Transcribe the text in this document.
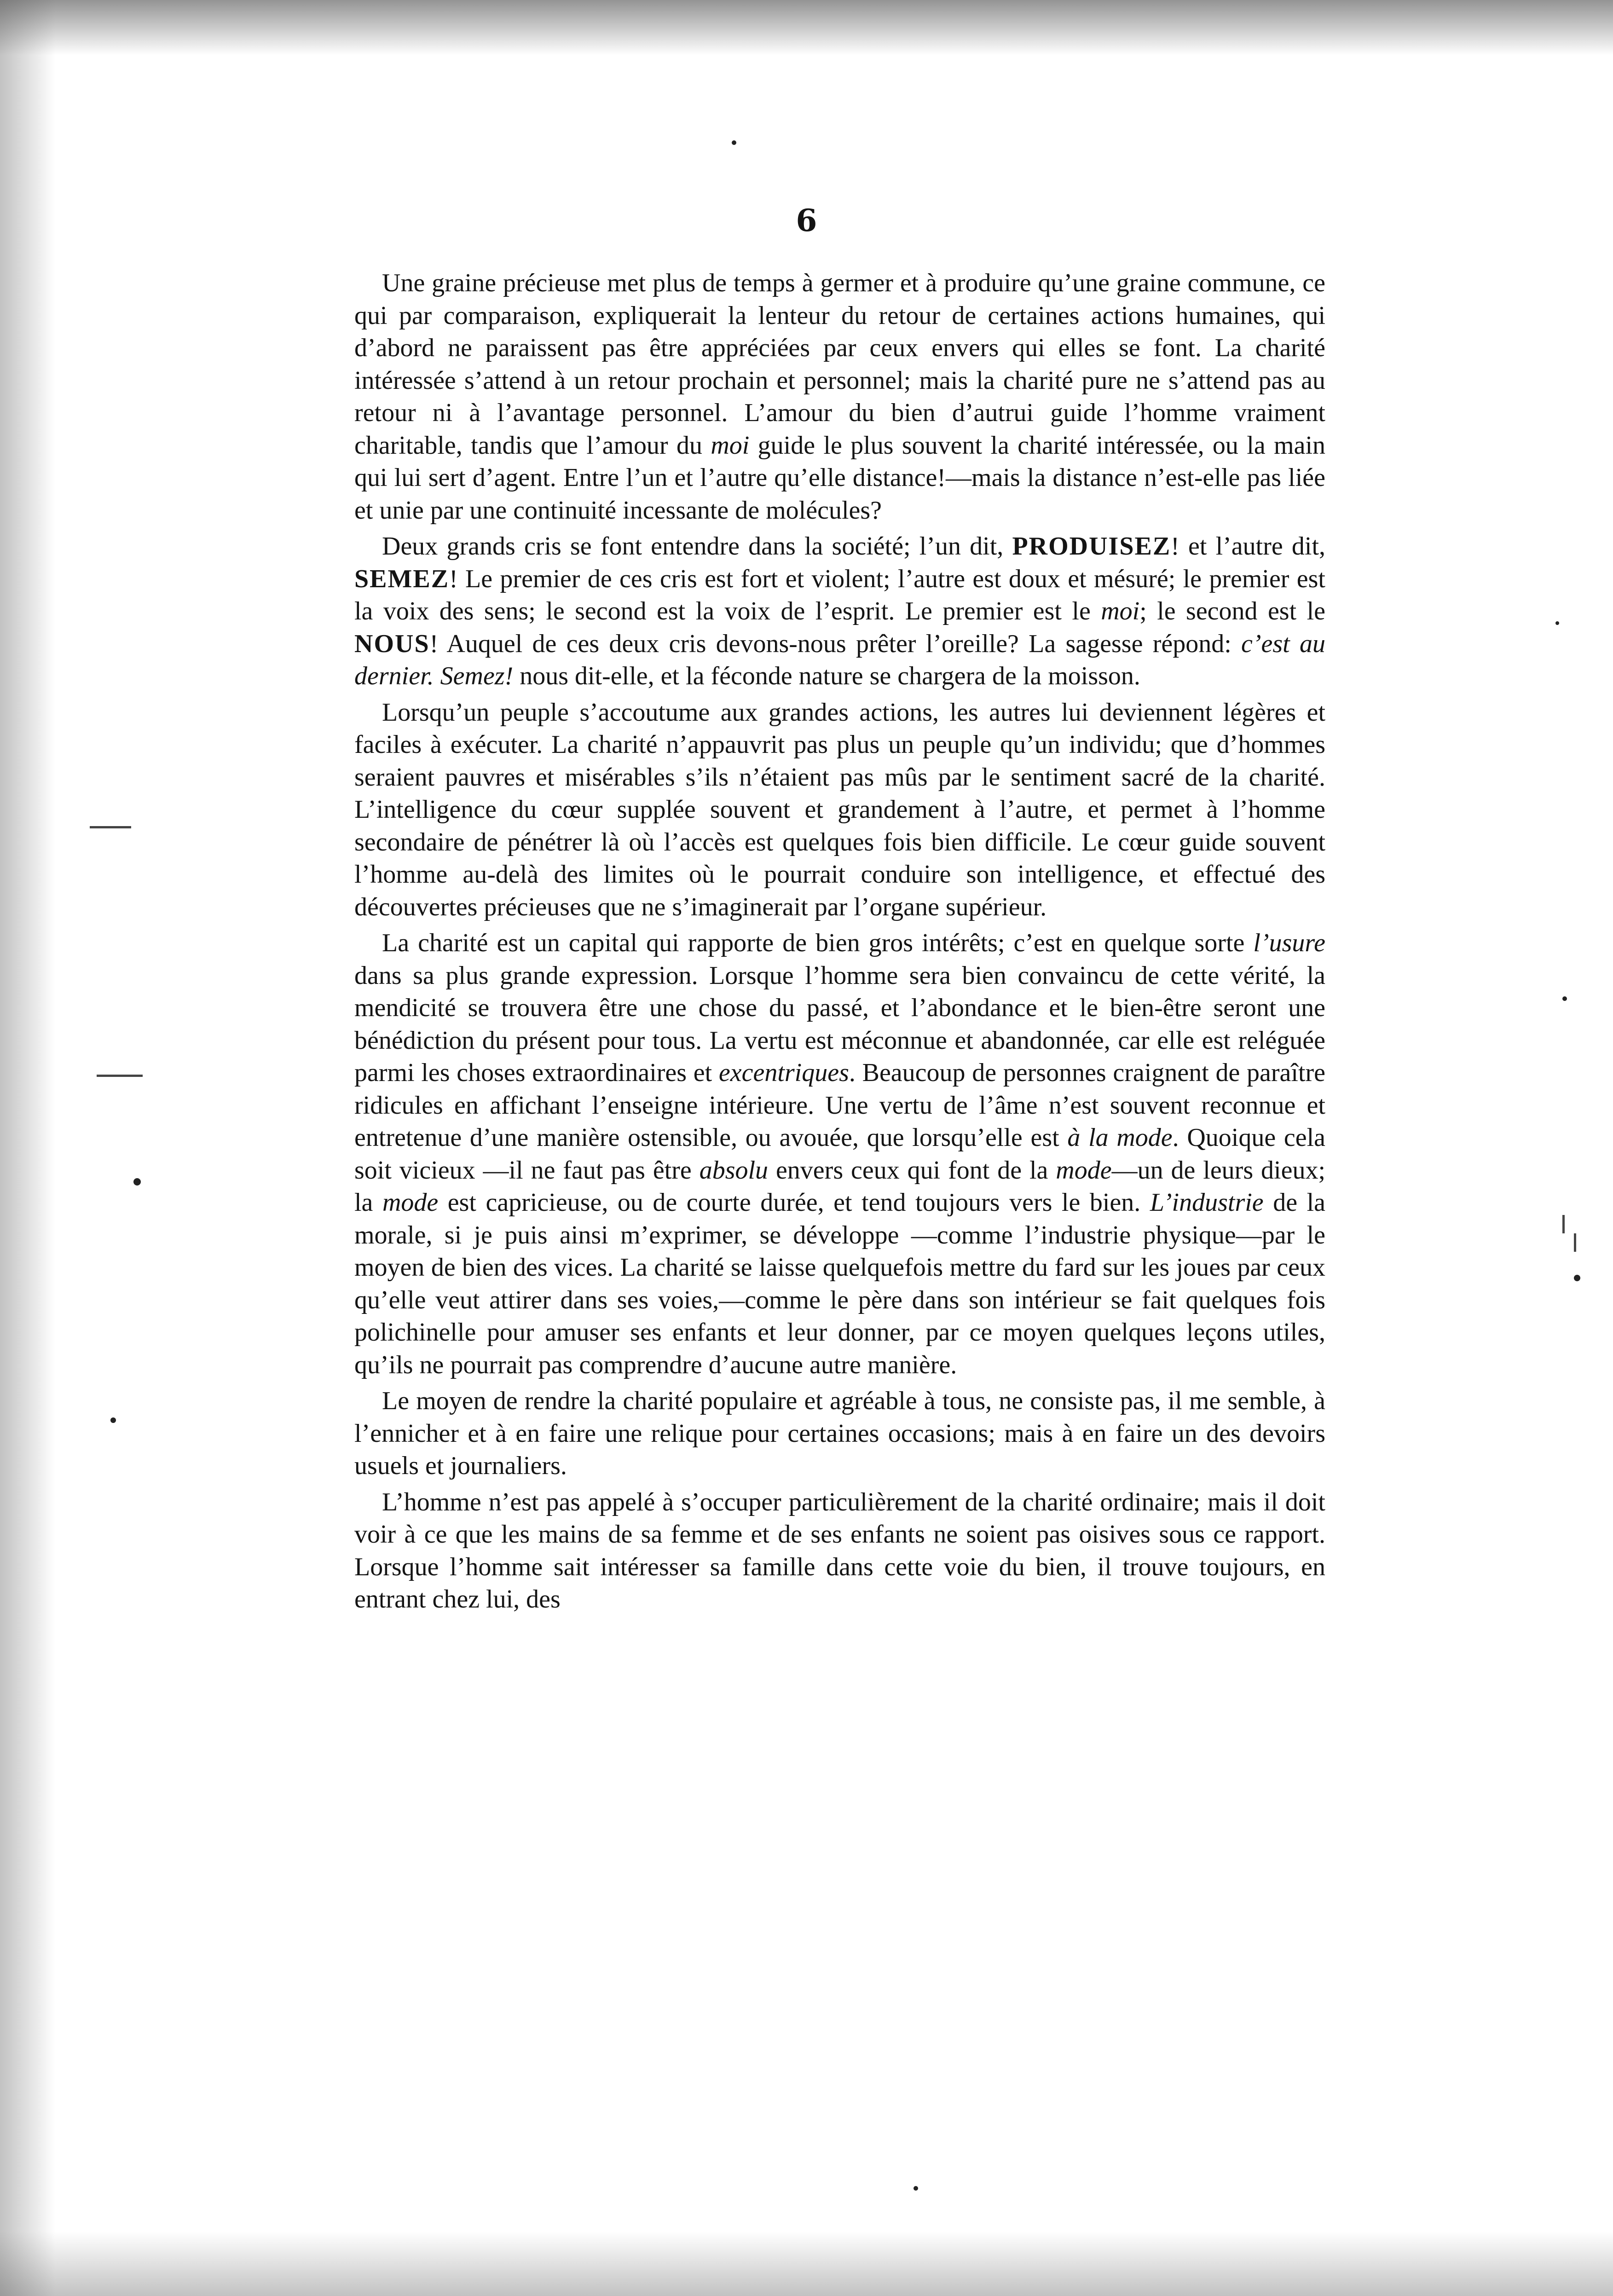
6

Une graine précieuse met plus de temps à germer et à produire qu’une graine commune, ce qui par comparaison, expliquerait la lenteur du retour de certaines actions humaines, qui d’abord ne paraissent pas être appréciées par ceux envers qui elles se font. La charité intéressée s’attend à un retour prochain et personnel; mais la charité pure ne s’attend pas au retour ni à l’avantage personnel. L’amour du bien d’autrui guide l’homme vraiment charitable, tandis que l’amour du moi guide le plus souvent la charité intéressée, ou la main qui lui sert d’agent. Entre l’un et l’autre qu’elle distance!—mais la distance n’est-elle pas liée et unie par une continuité incessante de molécules?

Deux grands cris se font entendre dans la société; l’un dit, PRODUISEZ! et l’autre dit, SEMEZ! Le premier de ces cris est fort et violent; l’autre est doux et mésuré; le premier est la voix des sens; le second est la voix de l’esprit. Le premier est le moi; le second est le NOUS! Auquel de ces deux cris devons-nous prêter l’oreille? La sagesse répond: c’est au dernier. Semez! nous dit-elle, et la féconde nature se chargera de la moisson.

Lorsqu’un peuple s’accoutume aux grandes actions, les autres lui deviennent légères et faciles à exécuter. La charité n’appauvrit pas plus un peuple qu’un individu; que d’hommes seraient pauvres et misérables s’ils n’étaient pas mûs par le sentiment sacré de la charité. L’intelligence du cœur supplée souvent et grandement à l’autre, et permet à l’homme secondaire de pénétrer là où l’accès est quelques fois bien difficile. Le cœur guide souvent l’homme au-delà des limites où le pourrait conduire son intelligence, et effectué des découvertes précieuses que ne s’imaginerait par l’organe supérieur.

La charité est un capital qui rapporte de bien gros intérêts; c’est en quelque sorte l’usure dans sa plus grande expression. Lorsque l’homme sera bien convaincu de cette vérité, la mendicité se trouvera être une chose du passé, et l’abondance et le bien-être seront une bénédiction du présent pour tous. La vertu est méconnue et abandonnée, car elle est reléguée parmi les choses extraordinaires et excentriques. Beaucoup de personnes craignent de paraître ridicules en affichant l’enseigne intérieure. Une vertu de l’âme n’est souvent reconnue et entretenue d’une manière ostensible, ou avouée, que lorsqu’elle est à la mode. Quoique cela soit vicieux —il ne faut pas être absolu envers ceux qui font de la mode—un de leurs dieux; la mode est capricieuse, ou de courte durée, et tend toujours vers le bien. L’industrie de la morale, si je puis ainsi m’exprimer, se développe —comme l’industrie physique—par le moyen de bien des vices. La charité se laisse quelquefois mettre du fard sur les joues par ceux qu’elle veut attirer dans ses voies,—comme le père dans son intérieur se fait quelques fois polichinelle pour amuser ses enfants et leur donner, par ce moyen quelques leçons utiles, qu’ils ne pourrait pas comprendre d’aucune autre manière.

Le moyen de rendre la charité populaire et agréable à tous, ne consiste pas, il me semble, à l’ennicher et à en faire une relique pour certaines occasions; mais à en faire un des devoirs usuels et journaliers.

L’homme n’est pas appelé à s’occuper particulièrement de la charité ordinaire; mais il doit voir à ce que les mains de sa femme et de ses enfants ne soient pas oisives sous ce rapport. Lorsque l’homme sait intéresser sa famille dans cette voie du bien, il trouve toujours, en entrant chez lui, des
